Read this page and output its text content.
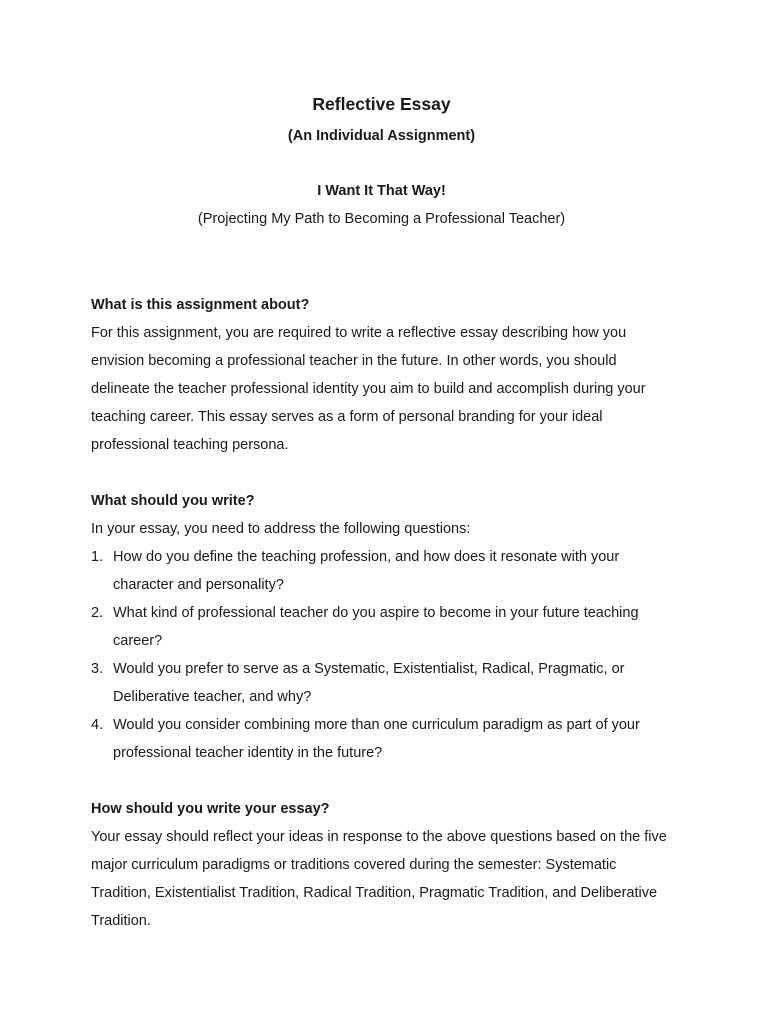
Reflective Essay

(An Individual Assignment)

I Want It That Way!

(Projecting My Path to Becoming a Professional Teacher)

What is this assignment about?

For this assignment, you are required to write a reflective essay describing how you envision becoming a professional teacher in the future. In other words, you should delineate the teacher professional identity you aim to build and accomplish during your teaching career. This essay serves as a form of personal branding for your ideal professional teaching persona.

What should you write?

In your essay, you need to address the following questions:

1. How do you define the teaching profession, and how does it resonate with your character and personality?
2. What kind of professional teacher do you aspire to become in your future teaching career?
3. Would you prefer to serve as a Systematic, Existentialist, Radical, Pragmatic, or Deliberative teacher, and why?
4. Would you consider combining more than one curriculum paradigm as part of your professional teacher identity in the future?

How should you write your essay?

Your essay should reflect your ideas in response to the above questions based on the five major curriculum paradigms or traditions covered during the semester: Systematic Tradition, Existentialist Tradition, Radical Tradition, Pragmatic Tradition, and Deliberative Tradition.
